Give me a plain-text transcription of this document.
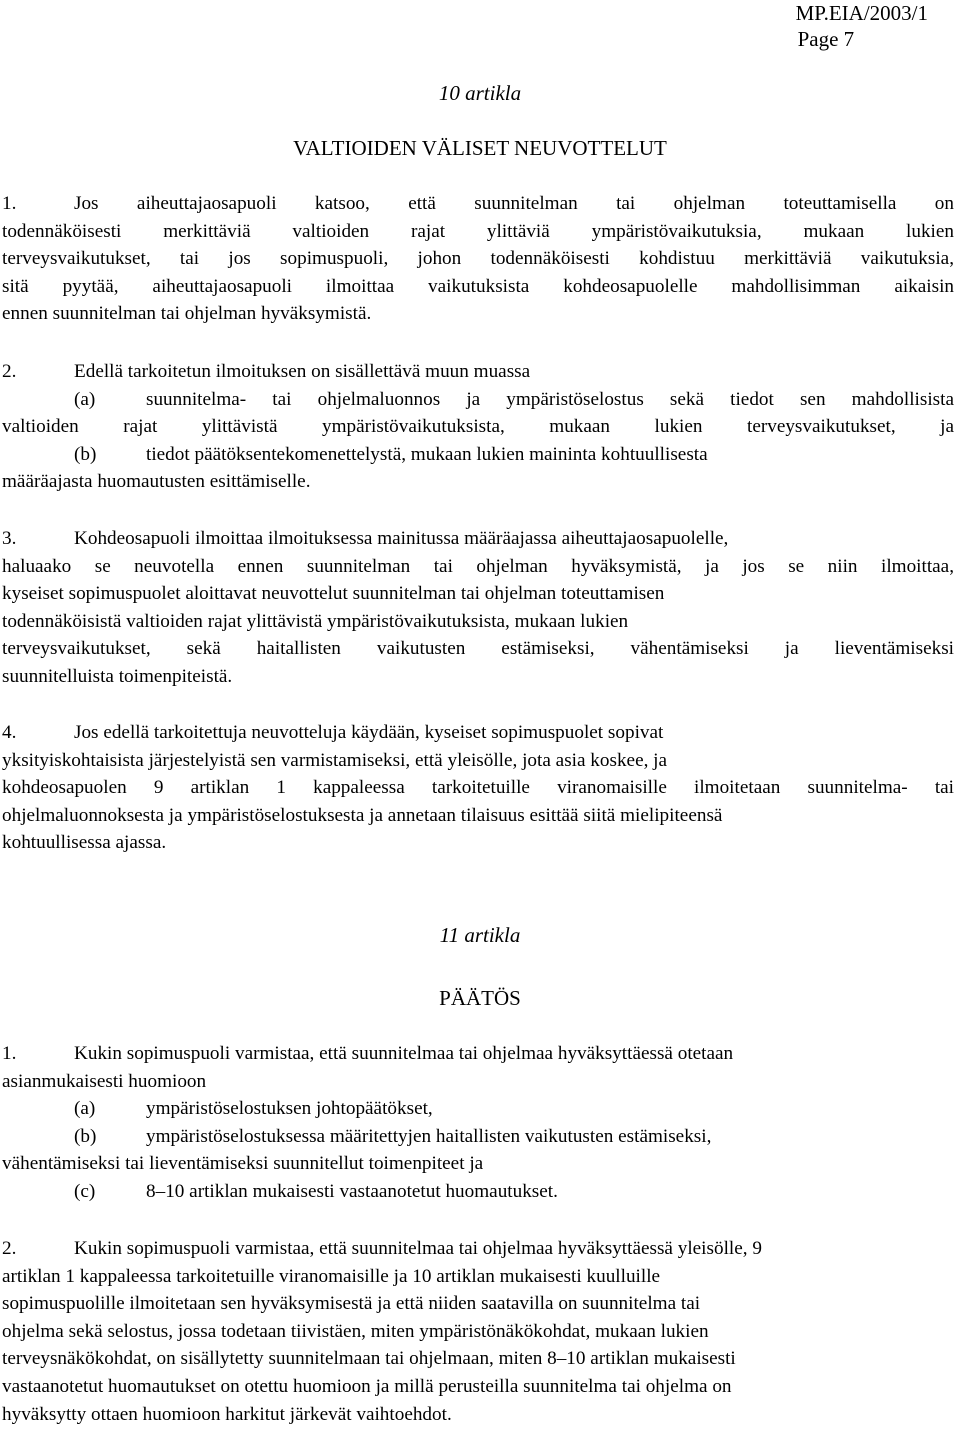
MP.EIA/2003/1
Page 7
10 artikla
VALTIOIDEN VÄLISET NEUVOTTELUT
1.	Jos aiheuttajaosapuoli katsoo, että suunnitelman tai ohjelman toteuttamisella on
todennäköisesti merkittäviä valtioiden rajat ylittäviä ympäristövaikutuksia, mukaan lukien
terveysvaikutukset, tai jos sopimuspuoli, johon todennäköisesti kohdistuu merkittäviä vaikutuksia,
sitä pyytää, aiheuttajaosapuoli ilmoittaa vaikutuksista kohdeosapuolelle mahdollisimman aikaisin
ennen suunnitelman tai ohjelman hyväksymistä.
2.	Edellä tarkoitetun ilmoituksen on sisällettävä muun muassa
(a)	suunnitelma- tai ohjelmaluonnos ja ympäristöselostus sekä tiedot sen mahdollisista
valtioiden rajat ylittävistä ympäristövaikutuksista, mukaan lukien terveysvaikutukset, ja
(b)	tiedot päätöksentekomenettelystä, mukaan lukien maininta kohtuullisesta
määräajasta huomautusten esittämiselle.
3.	Kohdeosapuoli ilmoittaa ilmoituksessa mainitussa määräajassa aiheuttajaosapuolelle,
haluaako se neuvotella ennen suunnitelman tai ohjelman hyväksymistä, ja jos se niin ilmoittaa,
kyseiset sopimuspuolet aloittavat neuvottelut suunnitelman tai ohjelman toteuttamisen
todennäköisistä valtioiden rajat ylittävistä ympäristövaikutuksista, mukaan lukien
terveysvaikutukset, sekä haitallisten vaikutusten estämiseksi, vähentämiseksi ja lieventämiseksi
suunnitelluista toimenpiteistä.
4.	Jos edellä tarkoitettuja neuvotteluja käydään, kyseiset sopimuspuolet sopivat
yksityiskohtaisista järjestelyistä sen varmistamiseksi, että yleisölle, jota asia koskee, ja
kohdeosapuolen 9 artiklan 1 kappaleessa tarkoitetuille viranomaisille ilmoitetaan suunnitelma- tai
ohjelmaluonnoksesta ja ympäristöselostuksesta ja annetaan tilaisuus esittää siitä mielipiteensä
kohtuullisessa ajassa.
11 artikla
PÄÄTÖS
1.	Kukin sopimuspuoli varmistaa, että suunnitelmaa tai ohjelmaa hyväksyttäessä otetaan
asianmukaisesti huomioon
(a)	ympäristöselostuksen johtopäätökset,
(b)	ympäristöselostuksessa määritettyjen haitallisten vaikutusten estämiseksi,
vähentämiseksi tai lieventämiseksi suunnitellut toimenpiteet ja
(c)	8–10 artiklan mukaisesti vastaanotetut huomautukset.
2.	Kukin sopimuspuoli varmistaa, että suunnitelmaa tai ohjelmaa hyväksyttäessä yleisölle, 9
artiklan 1 kappaleessa tarkoitetuille viranomaisille ja 10 artiklan mukaisesti kuulluille
sopimuspuolille ilmoitetaan sen hyväksymisestä ja että niiden saatavilla on suunnitelma tai
ohjelma sekä selostus, jossa todetaan tiivistäen, miten ympäristönäkökohdat, mukaan lukien
terveysnäkökohdat, on sisällytetty suunnitelmaan tai ohjelmaan, miten 8–10 artiklan mukaisesti
vastaanotetut huomautukset on otettu huomioon ja millä perusteilla suunnitelma tai ohjelma on
hyväksytty ottaen huomioon harkitut järkevät vaihtoehdot.
